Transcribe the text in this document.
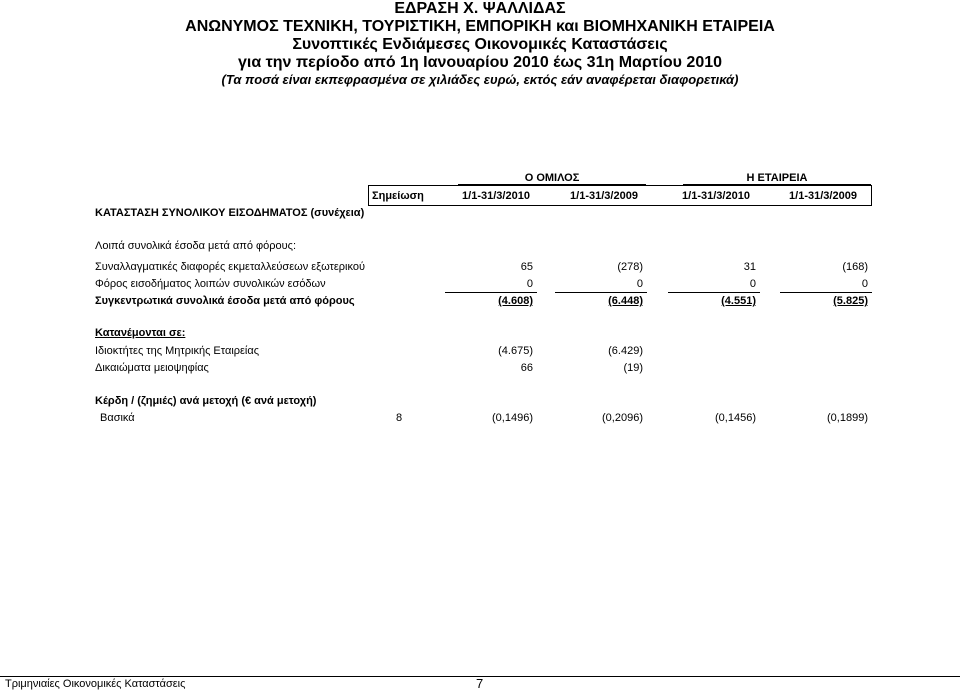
ΕΔΡΑΣΗ Χ. ΨΑΛΛΙΔΑΣ
ΑΝΩΝΥΜΟΣ ΤΕΧΝΙΚΗ, ΤΟΥΡΙΣΤΙΚΗ, ΕΜΠΟΡΙΚΗ και ΒΙΟΜΗΧΑΝΙΚΗ ΕΤΑΙΡΕΙΑ
Συνοπτικές Ενδιάμεσες Οικονομικές Καταστάσεις
για την περίοδο από 1η Ιανουαρίου 2010 έως 31η Μαρτίου 2010
(Τα ποσά είναι εκπεφρασμένα σε χιλιάδες ευρώ, εκτός εάν αναφέρεται διαφορετικά)
Ο ΟΜΙΛΟΣ	Η ΕΤΑΙΡΕΙΑ
Σημείωση	1/1-31/3/2010	1/1-31/3/2009	1/1-31/3/2010	1/1-31/3/2009
ΚΑΤΑΣΤΑΣΗ ΣΥΝΟΛΙΚΟΥ ΕΙΣΟΔΗΜΑΤΟΣ (συνέχεια)
Λοιπά συνολικά έσοδα μετά από φόρους:
Συναλλαγματικές διαφορές εκμεταλλεύσεων εξωτερικού	65	(278)	31	(168)
Φόρος εισοδήματος λοιπών συνολικών εσόδων	0	0	0	0
Συγκεντρωτικά συνολικά έσοδα μετά από φόρους	(4.608)	(6.448)	(4.551)	(5.825)
Κατανέμονται σε:
Ιδιοκτήτες της Μητρικής Εταιρείας	(4.675)	(6.429)
Δικαιώματα μειοψηφίας	66	(19)
Κέρδη / (ζημιές) ανά μετοχή (€ ανά μετοχή)
Βασικά	8	(0,1496)	(0,2096)	(0,1456)	(0,1899)
Τριμηνιαίες Οικονομικές Καταστάσεις	7
